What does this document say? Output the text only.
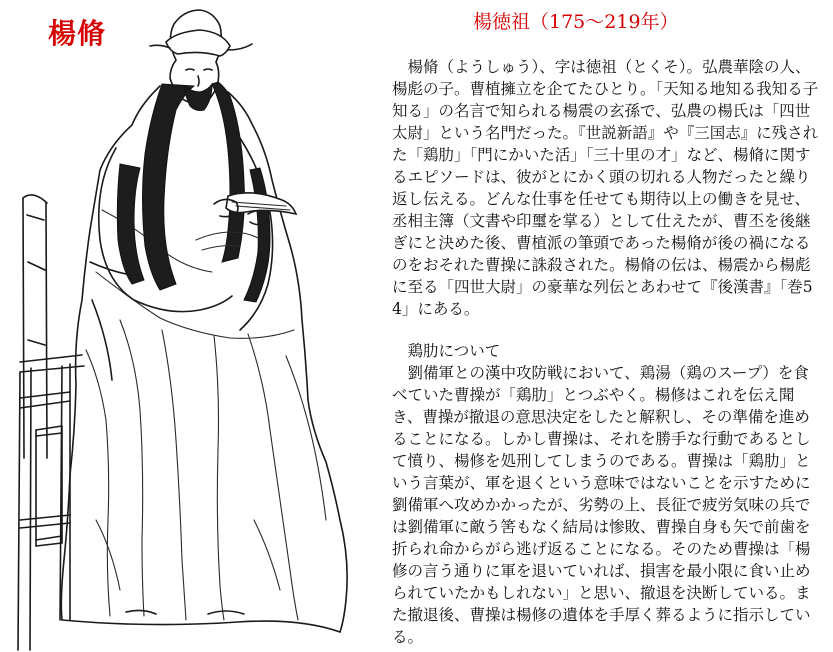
楊脩	楊徳祖（175〜219年）

楊脩（ようしゅう）、字は徳祖（とくそ）。弘農華陰の人、楊彪の子。曹植擁立を企てたひとり。「天知る地知る我知る子知る」の名言で知られる楊震の玄孫で、弘農の楊氏は「四世太尉」という名門だった。『世説新語』や『三国志』に残された「鶏肋」「門にかいた活」「三十里の才」など、楊脩に関するエピソードは、彼がとにかく頭の切れる人物だったと繰り返し伝える。どんな仕事を任せても期待以上の働きを見せ、丞相主簿（文書や印璽を掌る）として仕えたが、曹丕を後継ぎにと決めた後、曹植派の筆頭であった楊脩が後の禍になるのをおそれた曹操に誅殺された。楊脩の伝は、楊震から楊彪に至る「四世大尉」の豪華な列伝とあわせて『後漢書』「巻54」にある。

鶏肋について

劉備軍との漢中攻防戦において、鶏湯（鶏のスープ）を食べていた曹操が「鶏肋」とつぶやく。楊修はこれを伝え聞き、曹操が撤退の意思決定をしたと解釈し、その準備を進めることになる。しかし曹操は、それを勝手な行動であるとして憤り、楊修を処刑してしまうのである。曹操は「鶏肋」という言葉が、軍を退くという意味ではないことを示すために劉備軍へ攻めかかったが、劣勢の上、長征で疲労気味の兵では劉備軍に敵う筈もなく結局は惨敗、曹操自身も矢で前歯を折られ命からがら逃げ返ることになる。そのため曹操は「楊修の言う通りに軍を退いていれば、損害を最小限に食い止められていたかもしれない」と思い、撤退を決断している。また撤退後、曹操は楊修の遺体を手厚く葬るように指示している。
